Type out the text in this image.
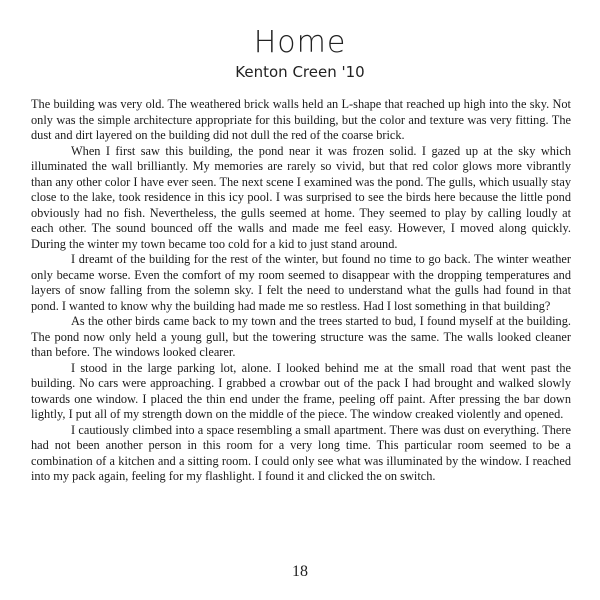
Home
Kenton Creen '10

The building was very old. The weathered brick walls held an L-shape that reached up high into the sky. Not only was the simple architecture appropriate for this building, but the color and texture was very fitting. The dust and dirt layered on the building did not dull the red of the coarse brick.

When I first saw this building, the pond near it was frozen solid. I gazed up at the sky which illuminated the wall brilliantly. My memories are rarely so vivid, but that red color glows more vibrantly than any other color I have ever seen. The next scene I examined was the pond. The gulls, which usually stay close to the lake, took residence in this icy pool. I was surprised to see the birds here because the little pond obviously had no fish. Nevertheless, the gulls seemed at home. They seemed to play by calling loudly at each other. The sound bounced off the walls and made me feel easy. However, I moved along quickly. During the winter my town became too cold for a kid to just stand around.

I dreamt of the building for the rest of the winter, but found no time to go back. The winter weather only became worse. Even the comfort of my room seemed to disappear with the dropping temperatures and layers of snow falling from the solemn sky. I felt the need to understand what the gulls had found in that pond. I wanted to know why the building had made me so restless. Had I lost something in that building?

As the other birds came back to my town and the trees started to bud, I found myself at the building. The pond now only held a young gull, but the towering structure was the same. The walls looked cleaner than before. The windows looked clearer.

I stood in the large parking lot, alone. I looked behind me at the small road that went past the building. No cars were approaching. I grabbed a crowbar out of the pack I had brought and walked slowly towards one window. I placed the thin end under the frame, peeling off paint. After pressing the bar down lightly, I put all of my strength down on the middle of the piece. The window creaked violently and opened.

I cautiously climbed into a space resembling a small apartment. There was dust on everything. There had not been another person in this room for a very long time. This particular room seemed to be a combination of a kitchen and a sitting room. I could only see what was illuminated by the window. I reached into my pack again, feeling for my flashlight. I found it and clicked the on switch.

18
